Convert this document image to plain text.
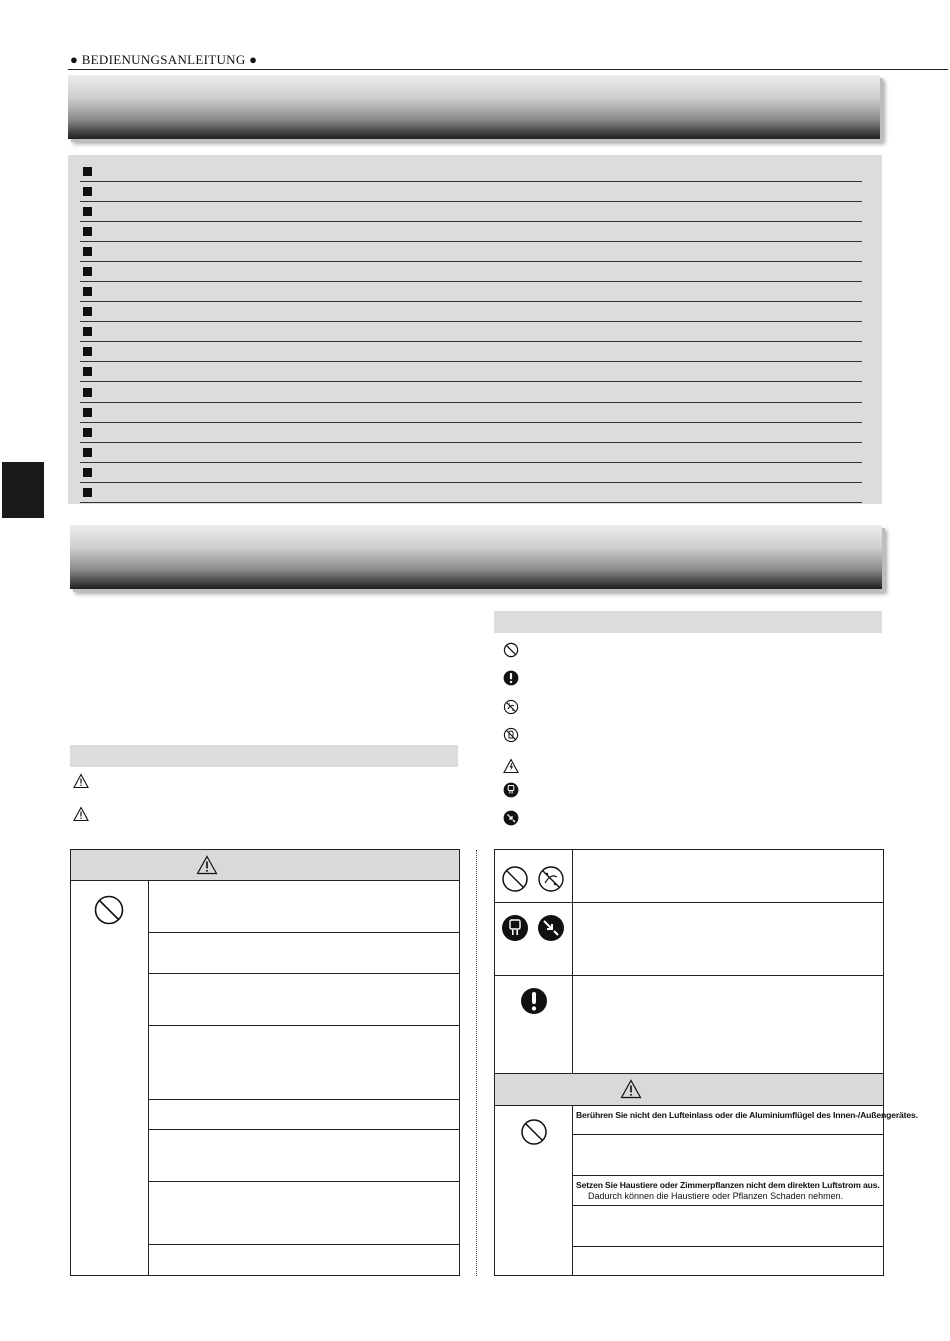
● BEDIENUNGSANLEITUNG ●
Berühren Sie nicht den Lufteinlass oder die Aluminiumflügel des Innen-/Außengerätes.
Setzen Sie Haustiere oder Zimmerpflanzen nicht dem direkten Luftstrom aus.
Dadurch können die Haustiere oder Pflanzen Schaden nehmen.
